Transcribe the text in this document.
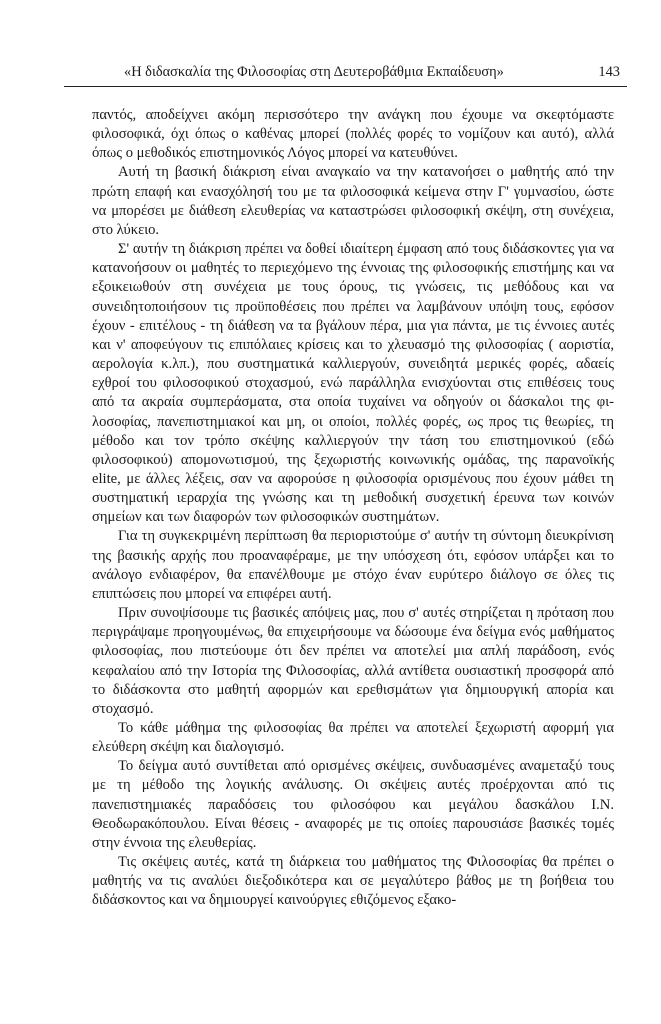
«Η διδασκαλία της Φιλοσοφίας στη Δευτεροβάθμια Εκπαίδευση»	143

παντός, αποδείχνει ακόμη περισσότερο την ανάγκη που έχουμε να σκεφτόμαστε φιλοσοφικά, όχι όπως ο καθένας μπορεί (πολλές φορές το νομίζουν και αυτό), αλλά όπως ο μεθοδικός επιστημονικός Λόγος μπορεί να κατευθύνει.

Αυτή τη βασική διάκριση είναι αναγκαίο να την κατανοήσει ο μαθητής από την πρώτη επαφή και ενασχόλησή του με τα φιλοσοφικά κείμενα στην Γ' γυμνασίου, ώστε να μπορέσει με διάθεση ελευθερίας να καταστρώσει φιλοσοφική σκέψη, στη συνέχεια, στο λύκειο.

Σ' αυτήν τη διάκριση πρέπει να δοθεί ιδιαίτερη έμφαση από τους διδάσκοντες για να κατανοήσουν οι μαθητές το περιεχόμενο της έννοιας της φιλοσοφικής επιστήμης και να εξοικειωθούν στη συνέχεια με τους όρους, τις γνώσεις, τις μεθόδους και να συνειδητοποιήσουν τις προϋποθέσεις που πρέπει να λαμβάνουν υπόψη τους, εφόσον έχουν - επιτέλους - τη διάθεση να τα βγάλουν πέρα, μια για πάντα, με τις έννοιες αυτές και ν' αποφεύγουν τις επιπόλαιες κρίσεις και το χλευασμό της φιλοσοφίας ( αοριστία, αερολογία κ.λπ.), που συστηματικά καλλιεργούν, συνειδητά μερικές φορές, αδαείς εχθροί του φιλοσοφικού στοχασμού, ενώ παράλληλα ενισχύονται στις επιθέσεις τους από τα ακραία συμπεράσματα, στα οποία τυχαίνει να οδηγούν οι δάσκαλοι της φιλοσοφίας, πανεπιστημιακοί και μη, οι οποίοι, πολλές φορές, ως προς τις θεωρίες, τη μέθοδο και τον τρόπο σκέψης καλλιεργούν την τάση του επιστημονικού (εδώ φιλοσοφικού) απομονωτισμού, της ξεχωριστής κοινωνικής ομάδας, της παρανοϊκής elite, με άλλες λέξεις, σαν να αφορούσε η φιλοσοφία ορισμένους που έχουν μάθει τη συστηματική ιεραρχία της γνώσης και τη μεθοδική συσχετική έρευνα των κοινών σημείων και των διαφορών των φιλοσοφικών συστημάτων.

Για τη συγκεκριμένη περίπτωση θα περιοριστούμε σ' αυτήν τη σύντομη διευκρίνιση της βασικής αρχής που προαναφέραμε, με την υπόσχεση ότι, εφόσον υπάρξει και το ανάλογο ενδιαφέρον, θα επανέλθουμε με στόχο έναν ευρύτερο διάλογο σε όλες τις επιπτώσεις που μπορεί να επιφέρει αυτή.

Πριν συνοψίσουμε τις βασικές απόψεις μας, που σ' αυτές στηρίζεται η πρόταση που περιγράψαμε προηγουμένως, θα επιχειρήσουμε να δώσουμε ένα δείγμα ενός μαθήματος φιλοσοφίας, που πιστεύουμε ότι δεν πρέπει να αποτελεί μια απλή παράδοση, ενός κεφαλαίου από την Ιστορία της Φιλοσοφίας, αλλά αντίθετα ουσιαστική προσφορά από το διδάσκοντα στο μαθητή αφορμών και ερεθισμάτων για δημιουργική απορία και στοχασμό.

Το κάθε μάθημα της φιλοσοφίας θα πρέπει να αποτελεί ξεχωριστή αφορμή για ελεύθερη σκέψη και διαλογισμό.

Το δείγμα αυτό συντίθεται από ορισμένες σκέψεις, συνδυασμένες αναμεταξύ τους με τη μέθοδο της λογικής ανάλυσης. Οι σκέψεις αυτές προέρχονται από τις πανεπιστημιακές παραδόσεις του φιλοσόφου και μεγάλου δασκάλου Ι.Ν. Θεοδωρακόπουλου. Είναι θέσεις - αναφορές με τις οποίες παρουσιάσε βασικές τομές στην έννοια της ελευθερίας.

Τις σκέψεις αυτές, κατά τη διάρκεια του μαθήματος της Φιλοσοφίας θα πρέπει ο μαθητής να τις αναλύει διεξοδικότερα και σε μεγαλύτερο βάθος με τη βοήθεια του διδάσκοντος και να δημιουργεί καινούργιες εθιζόμενος εξακο-
